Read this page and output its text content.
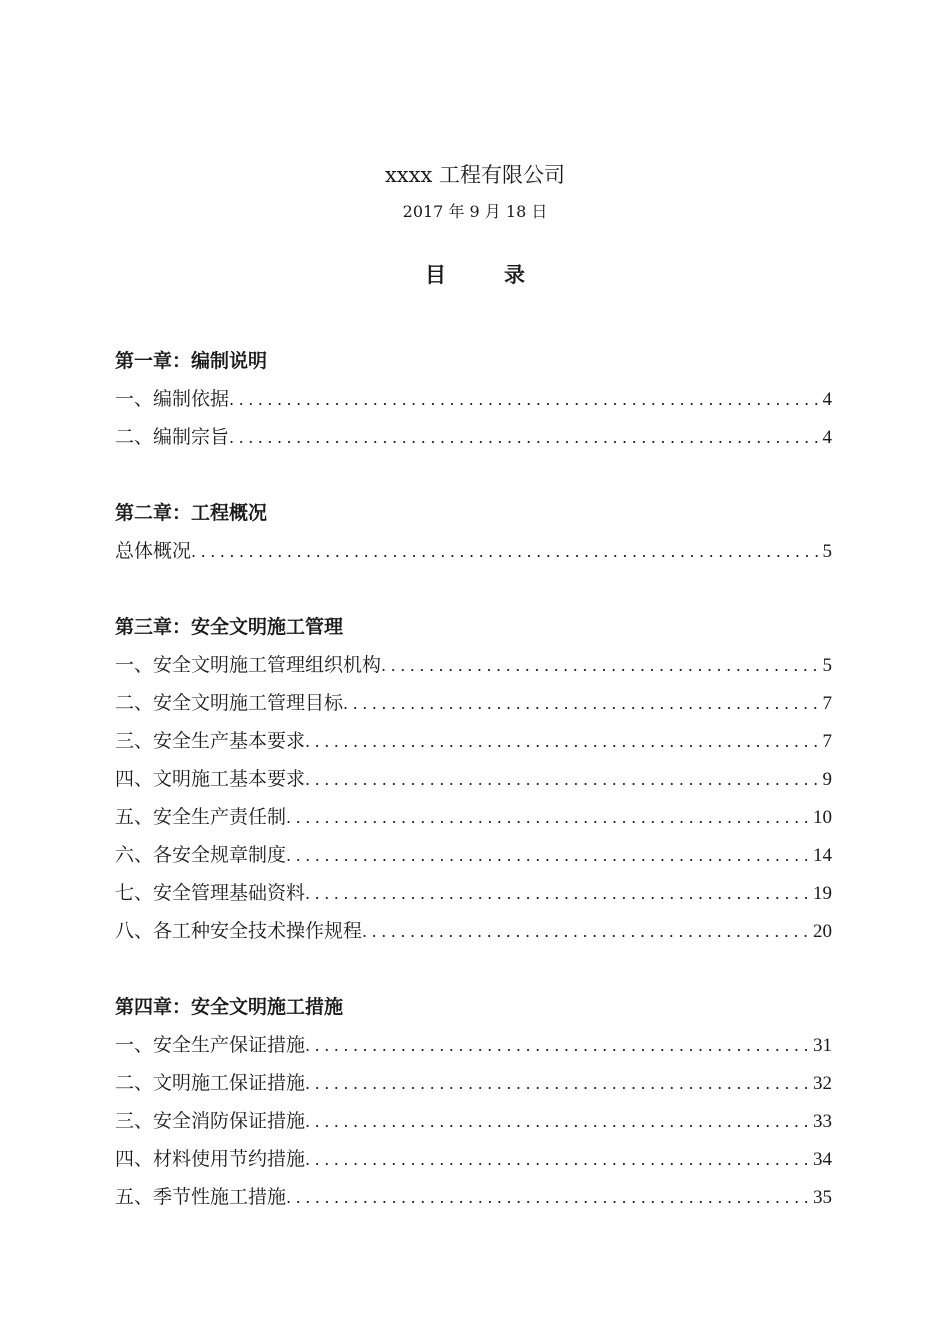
xxxx 工程有限公司
2017 年 9 月 18 日
目	录
第一章：编制说明
一、编制依据 .....	4
二、编制宗旨 .....	4
第二章：工程概况
总体概况 .....	5
第三章：安全文明施工管理
一、安全文明施工管理组织机构 .....	5
二、安全文明施工管理目标 .....	7
三、安全生产基本要求 .....	7
四、文明施工基本要求 .....	9
五、安全生产责任制 .....	10
六、各安全规章制度 .....	14
七、安全管理基础资料 .....	19
八、各工种安全技术操作规程 .....	20
第四章：安全文明施工措施
一、安全生产保证措施 .....	31
二、文明施工保证措施 .....	32
三、安全消防保证措施 .....	33
四、材料使用节约措施 .....	34
五、季节性施工措施 .....	35
